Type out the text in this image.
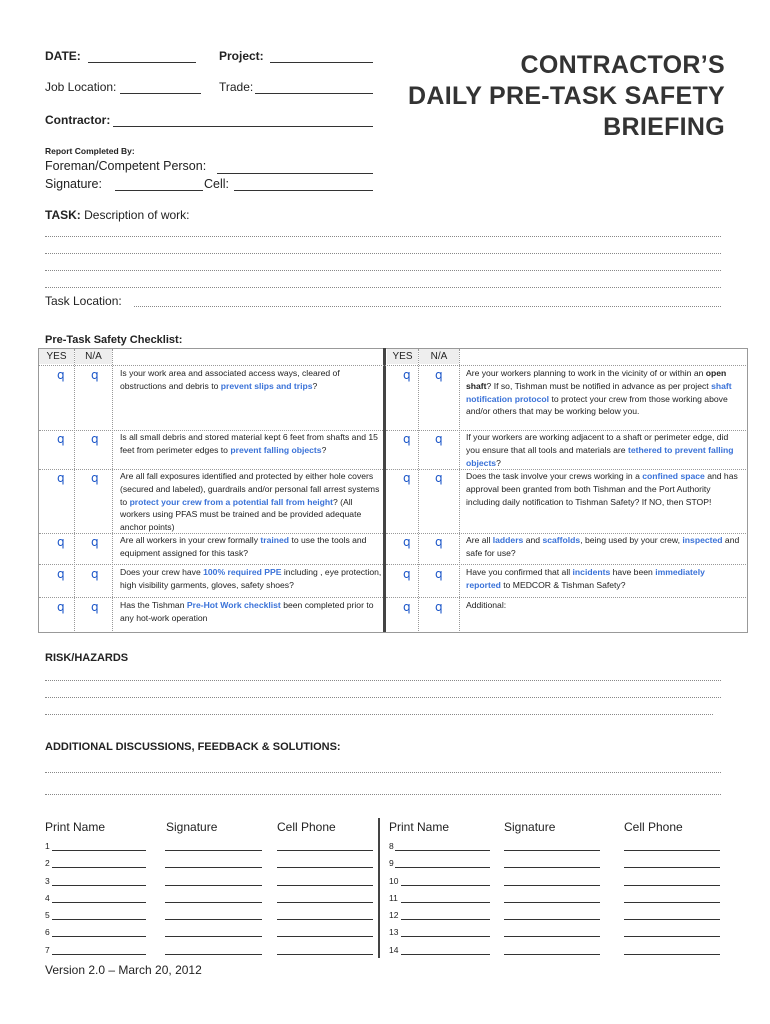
DATE:	Project:
Job Location:	Trade:
Contractor:
Report Completed By:
Foreman/Competent Person:
Signature:	Cell:
CONTRACTOR’S
DAILY PRE-TASK SAFETY
BRIEFING
TASK: Description of work:
Task Location:
Pre-Task Safety Checklist:
YES	N/A	YES	N/A
q q Is your work area and associated access ways, cleared of obstructions and debris to prevent slips and trips?
q q Is all small debris and stored material kept 6 feet from shafts and 15 feet from perimeter edges to prevent falling objects?
q q Are all fall exposures identified and protected by either hole covers (secured and labeled), guardrails and/or personal fall arrest systems to protect your crew from a potential fall from height? (All workers using PFAS must be trained and be provided adequate anchor points)
q q Are all workers in your crew formally trained to use the tools and equipment assigned for this task?
q q Does your crew have 100% required PPE including , eye protection, high visibility garments, gloves, safety shoes?
q q Has the Tishman Pre-Hot Work checklist been completed prior to any hot-work operation
q q	Are your workers planning to work in the vicinity of or within an open shaft? If so, Tishman must be notified in advance as per project shaft notification protocol to protect your crew from those working above and/or others that may be working below you.
q q	If your workers are working adjacent to a shaft or perimeter edge, did you ensure that all tools and materials are tethered to prevent falling objects?
q q	Does the task involve your crews working in a confined space and has approval been granted from both Tishman and the Port Authority including daily notification to Tishman Safety? If NO, then STOP!
q q	Are all ladders and scaffolds, being used by your crew, inspected and safe for use?
q q	Have you confirmed that all incidents have been immediately reported to MEDCOR & Tishman Safety?
q q	Additional:
RISK/HAZARDS
ADDITIONAL DISCUSSIONS, FEEDBACK & SOLUTIONS:
Print Name	Signature	Cell Phone	Print Name	Signature	Cell Phone
1	8
2	9
3	10
4	11
5	12
6	13
7	14
Version 2.0 – March 20, 2012
